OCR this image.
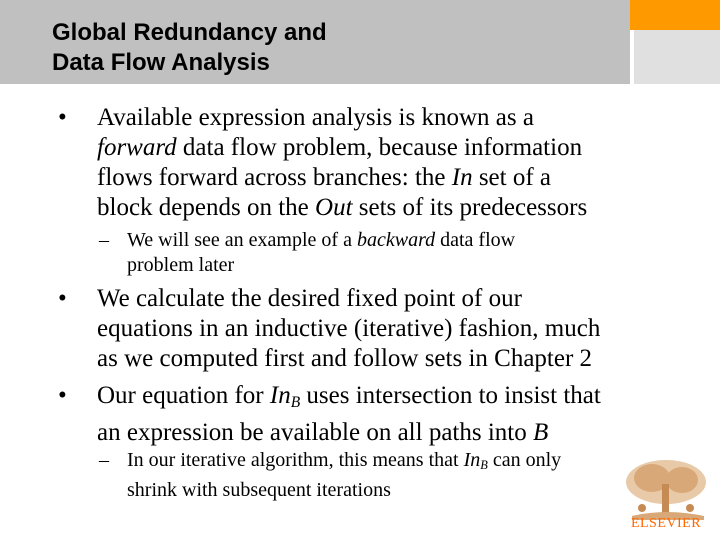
Global Redundancy and
Data Flow Analysis
• Available expression analysis is known as a
forward data flow problem, because information
flows forward across branches: the In set of a
block depends on the Out sets of its predecessors
– We will see an example of a backward data flow
problem later
• We calculate the desired fixed point of our
equations in an inductive (iterative) fashion, much
as we computed first and follow sets in Chapter 2
• Our equation for $In_B$ uses intersection to insist that
an expression be available on all paths into B
– In our iterative algorithm, this means that $In_B$ can only
shrink with subsequent iterations
ELSEVIER
